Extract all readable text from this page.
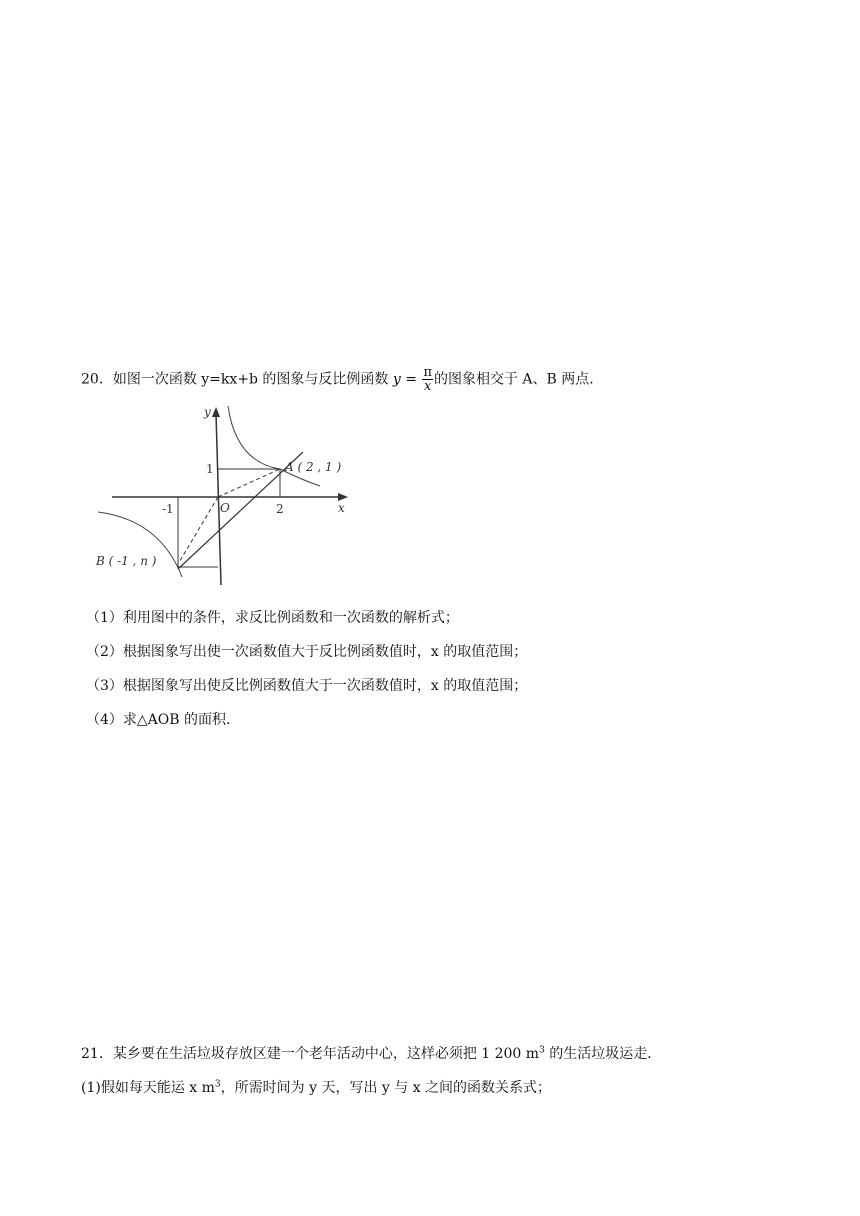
20．如图一次函数 y=kx+b 的图象与反比例函数 $y = \frac{\pi}{x}$ 的图象相交于 A、B 两点．
y
x
O
1
2
-1
A ( 2 , 1 )
B ( -1 , n )
（1）利用图中的条件，求反比例函数和一次函数的解析式；
（2）根据图象写出使一次函数值大于反比例函数值时，x 的取值范围；
（3）根据图象写出使反比例函数值大于一次函数值时，x 的取值范围；
（4）求△AOB 的面积．
21．某乡要在生活垃圾存放区建一个老年活动中心，这样必须把 1 200 $m^3$ 的生活垃圾运走．
(1)假如每天能运 x $m^3$，所需时间为 y 天，写出 y 与 x 之间的函数关系式；
